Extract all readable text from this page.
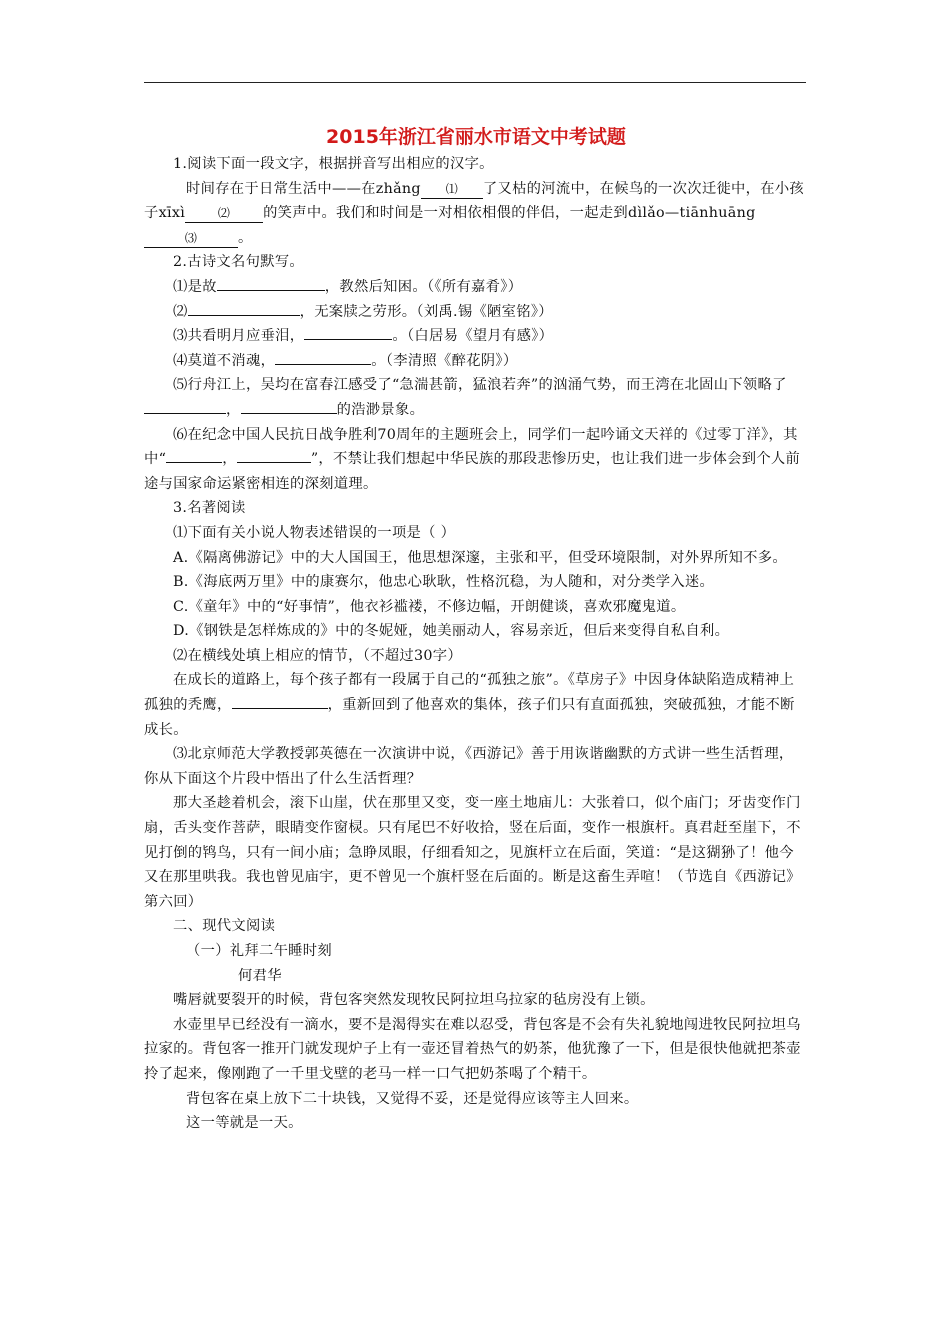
2015年浙江省丽水市语文中考试题

1.阅读下面一段文字，根据拼音写出相应的汉字。

时间存在于日常生活中——在zhǎng ⑴ 了又枯的河流中，在候鸟的一次次迁徙中，在小孩子xīxì	⑵ 的笑声中。我们和时间是一对相依相偎的伴侣，一起走到dìlǎo—tiānhuāng⑶	。

2.古诗文名句默写。

⑴是故	，教然后知困。（《所有嘉肴》）

⑵	，无案牍之劳形。（刘禹.锡《陋室铭》）

⑶共看明月应垂泪，	。（白居易《望月有感》）

⑷莫道不消魂，	。（李清照《醉花阴》）

⑸行舟江上，吴均在富春江感受了“急湍甚箭，猛浪若奔”的汹涌气势，而王湾在北固山下领略了，	的浩渺景象。

⑹在纪念中国人民抗日战争胜利70周年的主题班会上，同学们一起吟诵文天祥的《过零丁洋》，其中“	，	”，不禁让我们想起中华民族的那段悲惨历史，也让我们进一步体会到个人前途与国家命运紧密相连的深刻道理。

3.名著阅读

⑴下面有关小说人物表述错误的一项是（ ）

A.《隔离佛游记》中的大人国国王，他思想深邃，主张和平，但受环境限制，对外界所知不多。

B.《海底两万里》中的康赛尔，他忠心耿耿，性格沉稳，为人随和，对分类学入迷。

C.《童年》中的“好事情”，他衣衫褴褛，不修边幅，开朗健谈，喜欢邪魔鬼道。

D.《钢铁是怎样炼成的》中的冬妮娅，她美丽动人，容易亲近，但后来变得自私自利。

⑵在横线处填上相应的情节，（不超过30字）

在成长的道路上，每个孩子都有一段属于自己的“孤独之旅”。《草房子》中因身体缺陷造成精神上孤独的秃鹰，	，重新回到了他喜欢的集体，孩子们只有直面孤独，突破孤独，才能不断成长。

⑶北京师范大学教授郭英德在一次演讲中说，《西游记》善于用诙谐幽默的方式讲一些生活哲理，你从下面这个片段中悟出了什么生活哲理？

那大圣趁着机会，滚下山崖，伏在那里又变，变一座土地庙儿：大张着口，似个庙门；牙齿变作门扇，舌头变作菩萨，眼睛变作窗棂。只有尾巴不好收拾，竖在后面，变作一根旗杆。真君赶至崖下，不见打倒的鸨鸟，只有一间小庙；急睁凤眼，仔细看知之，见旗杆立在后面，笑道：“是这猢狲了！他今又在那里哄我。我也曾见庙宇，更不曾见一个旗杆竖在后面的。断是这畜生弄喧！（节选自《西游记》第六回）

二、现代文阅读

（一）礼拜二午睡时刻

何君华

嘴唇就要裂开的时候，背包客突然发现牧民阿拉坦乌拉家的毡房没有上锁。

水壶里早已经没有一滴水，要不是渴得实在难以忍受，背包客是不会有失礼貌地闯进牧民阿拉坦乌拉家的。背包客一推开门就发现炉子上有一壶还冒着热气的奶茶，他犹豫了一下，但是很快他就把茶壶拎了起来，像刚跑了一千里戈壁的老马一样一口气把奶茶喝了个精干。

背包客在桌上放下二十块钱，又觉得不妥，还是觉得应该等主人回来。

这一等就是一天。
